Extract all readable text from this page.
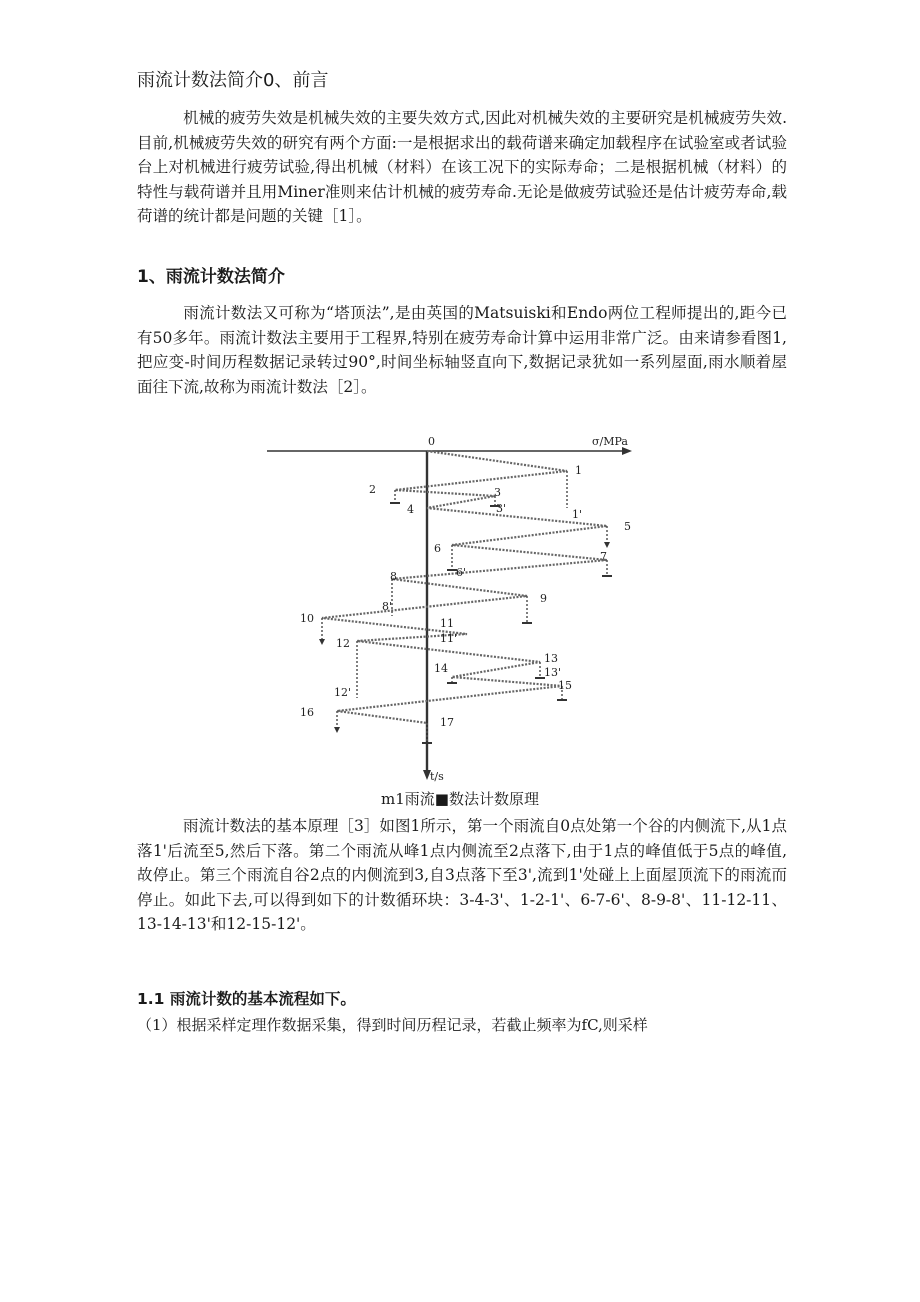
雨流计数法简介0、前言
机械的疲劳失效是机械失效的主要失效方式,因此对机械失效的主要研究是机械疲劳失效.目前,机械疲劳失效的研究有两个方面:一是根据求出的载荷谱来确定加载程序在试验室或者试验台上对机械进行疲劳试验,得出机械（材料）在该工况下的实际寿命；二是根据机械（材料）的特性与载荷谱并且用Miner准则来估计机械的疲劳寿命.无论是做疲劳试验还是估计疲劳寿命,载荷谱的统计都是问题的关键［1］。
1、雨流计数法简介
雨流计数法又可称为“塔顶法”,是由英国的Matsuiski和Endo两位工程师提出的,距今已有50多年。雨流计数法主要用于工程界,特别在疲劳寿命计算中运用非常广泛。由来请参看图1,把应变-时间历程数据记录转过90°,时间坐标轴竖直向下,数据记录犹如一系列屋面,雨水顺着屋面往下流,故称为雨流计数法［2］。
0	σ/MPa
t/s
1
2	3
3'	1'
4
5
6
7
6'
8
8'
9
10	11
11'
12
13
13'
14
15
12'
16
17
m1雨流■数法计数原理
雨流计数法的基本原理［3］如图1所示，第一个雨流自0点处第一个谷的内侧流下,从1点落1'后流至5,然后下落。第二个雨流从峰1点内侧流至2点落下,由于1点的峰值低于5点的峰值,故停止。第三个雨流自谷2点的内侧流到3,自3点落下至3',流到1'处碰上上面屋顶流下的雨流而停止。如此下去,可以得到如下的计数循环块：3-4-3'、1-2-1'、6-7-6'、8-9-8'、11-12-11、13-14-13'和12-15-12'。
1.1 雨流计数的基本流程如下。
（1）根据采样定理作数据采集，得到时间历程记录，若截止频率为fC,则采样
